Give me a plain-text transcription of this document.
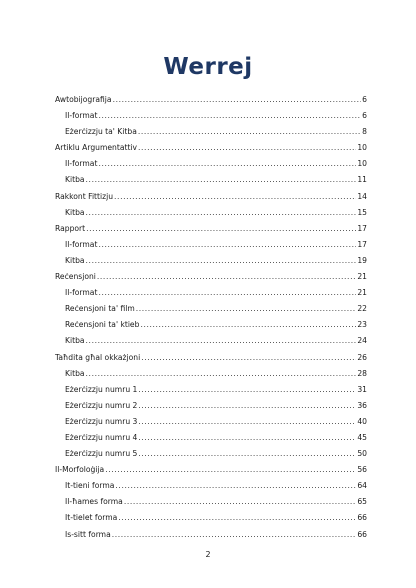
Werrej
Awtobijografija .....	6
Il-format .....	6
Eżerċizzju ta' Kitba .....	8
Artiklu Argumentattiv .....	10
Il-format .....	10
Kitba .....	11
Rakkont Fittizju .....	14
Kitba .....	15
Rapport .....	17
Il-format .....	17
Kitba .....	19
Reċensjoni .....	21
Il-format .....	21
Reċensjoni ta' film .....	22
Reċensjoni ta' ktieb .....	23
Kitba .....	24
Taħdita għal okkażjoni .....	26
Kitba .....	28
Eżerċizzju numru 1 .....	31
Eżerċizzju numru 2 .....	36
Eżerċizzju numru 3 .....	40
Eżerċizzju numru 4 .....	45
Eżerċizzju numru 5 .....	50
Il-Morfoloġija .....	56
It-tieni forma .....	64
Il-ħames forma .....	65
It-tielet forma .....	66
Is-sitt forma .....	66
2
